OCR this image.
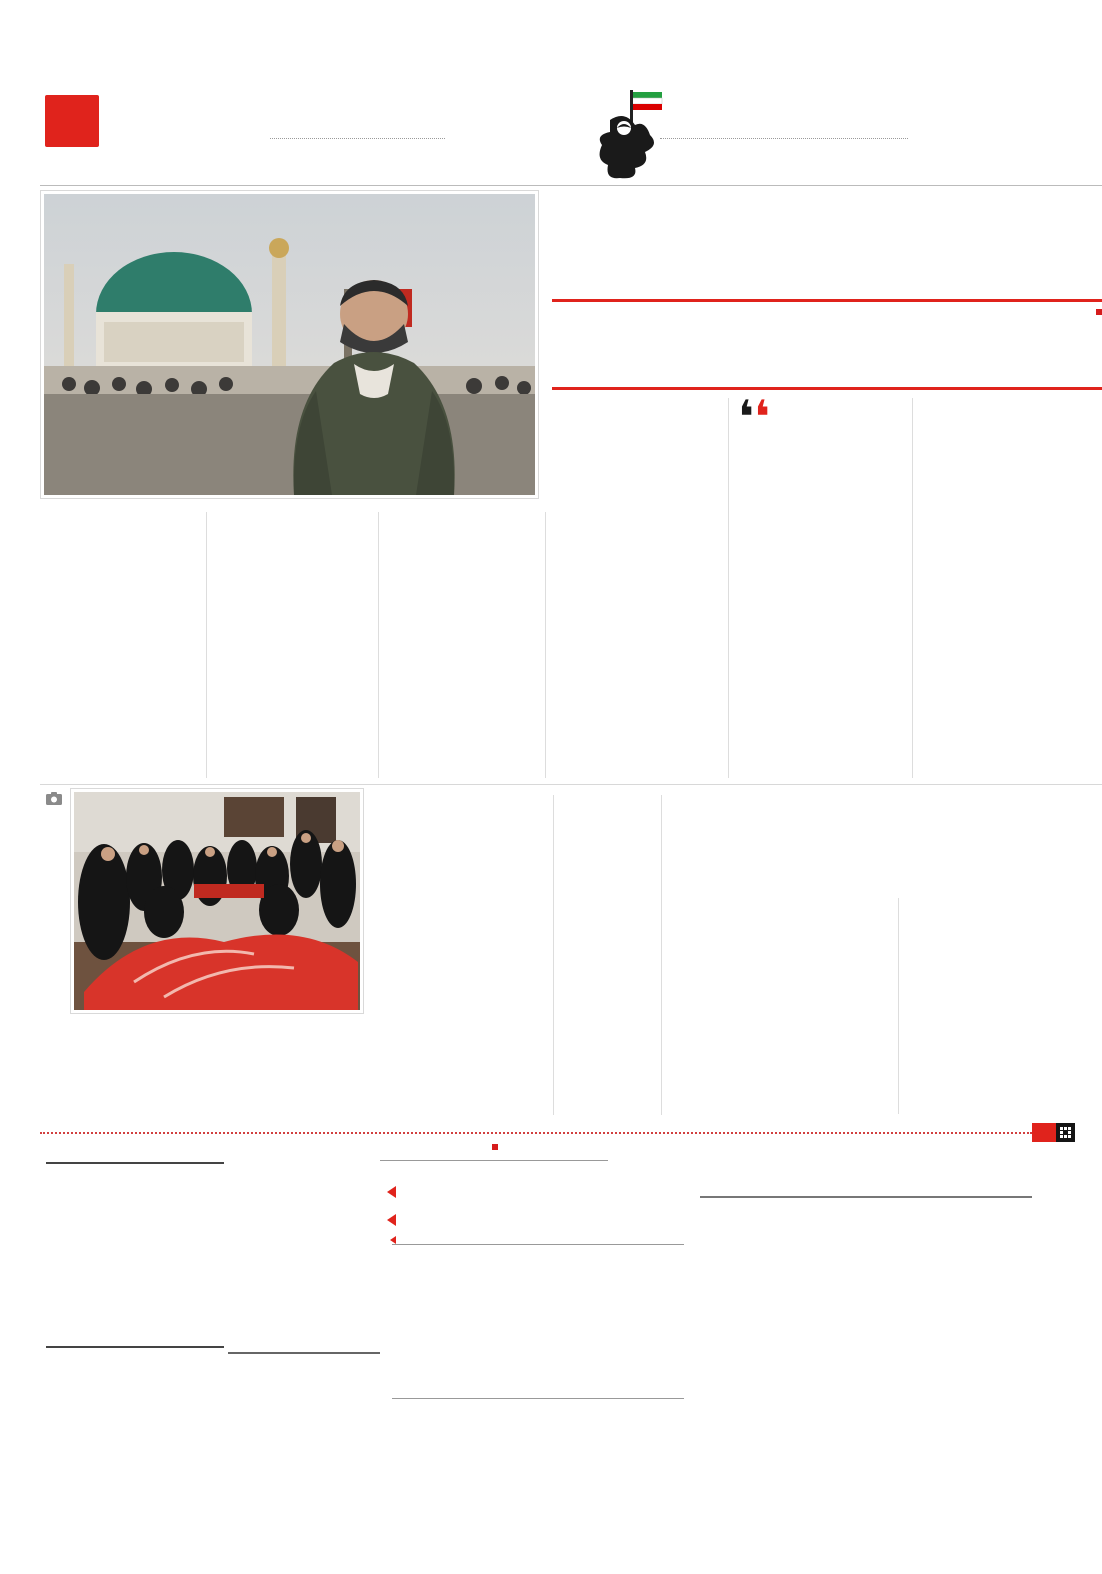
❛❛
